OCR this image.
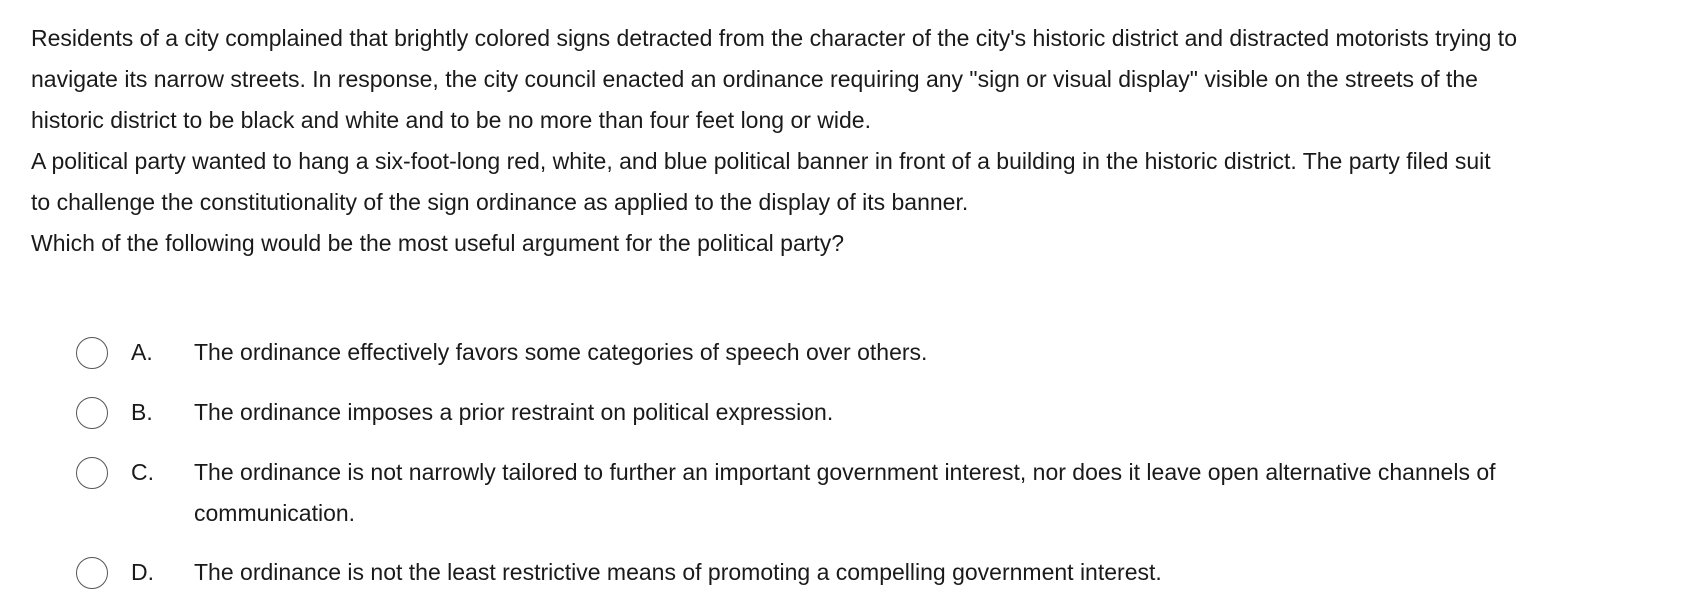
Residents of a city complained that brightly colored signs detracted from the character of the city's historic district and distracted motorists trying to
navigate its narrow streets. In response, the city council enacted an ordinance requiring any "sign or visual display" visible on the streets of the
historic district to be black and white and to be no more than four feet long or wide.

A political party wanted to hang a six-foot-long red, white, and blue political banner in front of a building in the historic district. The party filed suit
to challenge the constitutionality of the sign ordinance as applied to the display of its banner.

Which of the following would be the most useful argument for the political party?

A. The ordinance effectively favors some categories of speech over others.
B. The ordinance imposes a prior restraint on political expression.
C. The ordinance is not narrowly tailored to further an important government interest, nor does it leave open alternative channels of
communication.
D. The ordinance is not the least restrictive means of promoting a compelling government interest.
